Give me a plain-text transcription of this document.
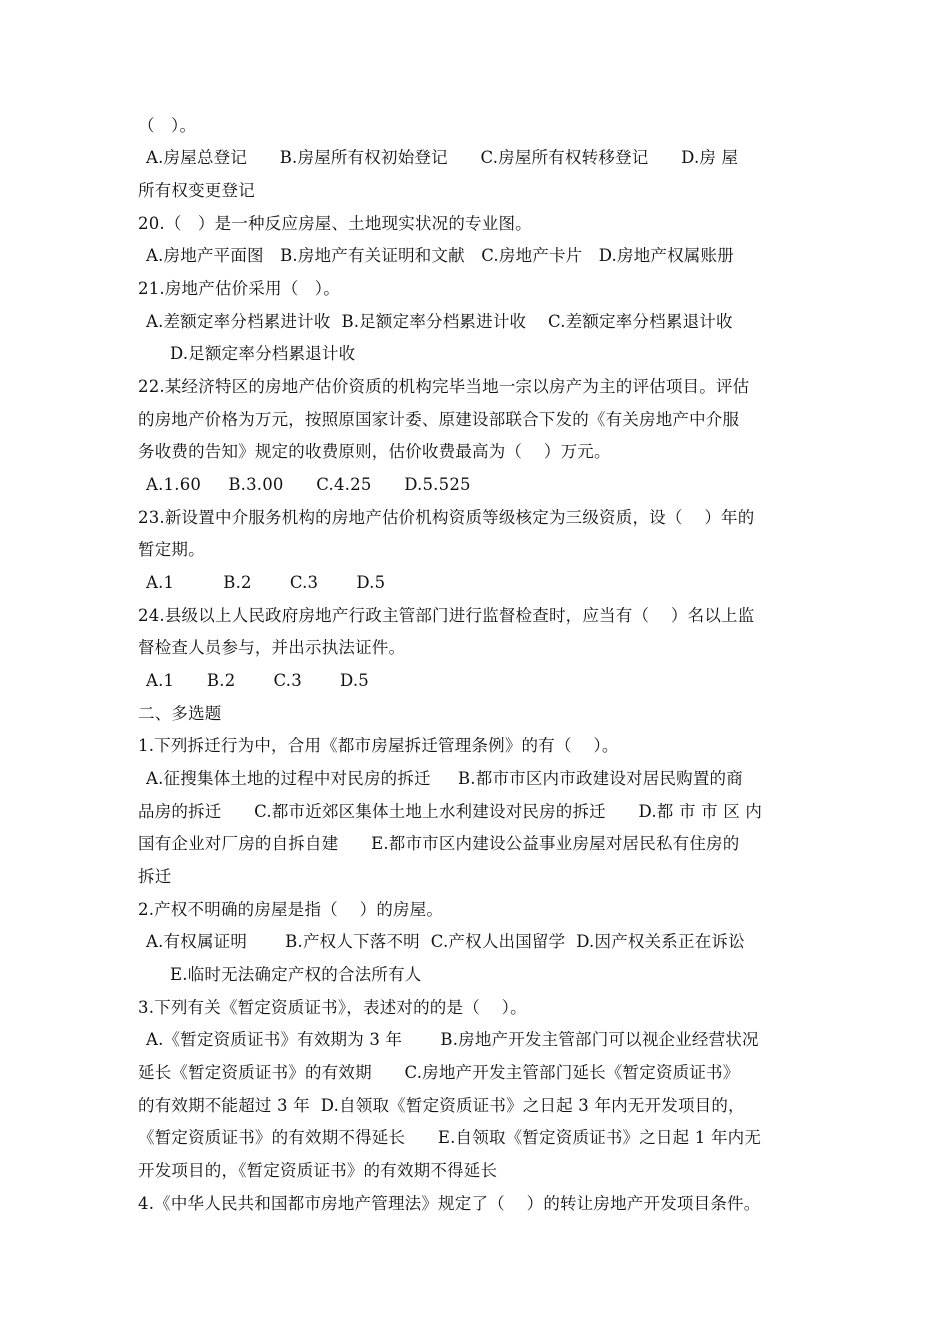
（   ）。
A.房屋总登记      B.房屋所有权初始登记      C.房屋所有权转移登记      D.房 屋
所有权变更登记
20.（   ）是一种反应房屋、土地现实状况的专业图。
A.房地产平面图   B.房地产有关证明和文献   C.房地产卡片   D.房地产权属账册
21.房地产估价采用（   ）。
A.差额定率分档累进计收  B.足额定率分档累进计收    C.差额定率分档累退计收
D.足额定率分档累退计收
22.某经济特区的房地产估价资质的机构完毕当地一宗以房产为主的评估项目。评估
的房地产价格为万元，按照原国家计委、原建设部联合下发的《有关房地产中介服
务收费的告知》规定的收费原则，估价收费最高为（    ）万元。
A.1.60     B.3.00      C.4.25      D.5.525
23.新设置中介服务机构的房地产估价机构资质等级核定为三级资质，设（    ）年的
暂定期。
A.1         B.2       C.3       D.5
24.县级以上人民政府房地产行政主管部门进行监督检查时，应当有（    ）名以上监
督检查人员参与，并出示执法证件。
A.1      B.2       C.3       D.5
二、多选题
1.下列拆迁行为中，合用《都市房屋拆迁管理条例》的有（    ）。
A.征搜集体土地的过程中对民房的拆迁     B.都市市区内市政建设对居民购置的商
品房的拆迁      C.都市近郊区集体土地上水利建设对民房的拆迁      D.都 市 市 区 内
国有企业对厂房的自拆自建      E.都市市区内建设公益事业房屋对居民私有住房的
拆迁
2.产权不明确的房屋是指（    ）的房屋。
A.有权属证明       B.产权人下落不明  C.产权人出国留学  D.因产权关系正在诉讼
E.临时无法确定产权的合法所有人
3.下列有关《暂定资质证书》，表述对的的是（    ）。
A.《暂定资质证书》有效期为 3 年       B.房地产开发主管部门可以视企业经营状况
延长《暂定资质证书》的有效期      C.房地产开发主管部门延长《暂定资质证书》
的有效期不能超过 3 年  D.自领取《暂定资质证书》之日起 3 年内无开发项目的，
《暂定资质证书》的有效期不得延长      E.自领取《暂定资质证书》之日起 1 年内无
开发项目的，《暂定资质证书》的有效期不得延长
4.《中华人民共和国都市房地产管理法》规定了（    ）的转让房地产开发项目条件。
